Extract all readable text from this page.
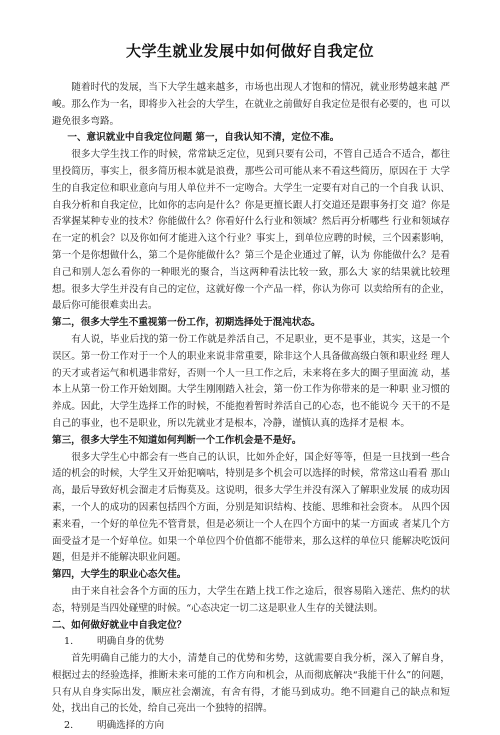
大学生就业发展中如何做好自我定位

随着时代的发展，当下大学生越来越多，市场也出现人才饱和的情况，就业形势越来越 严峻。那么作为一名，即将步入社会的大学生，在就业之前做好自我定位是很有必要的，也 可以避免很多弯路。

一、意识就业中自我定位问题 第一，自我认知不清，定位不准。

很多大学生找工作的时候，常常缺乏定位，见到只要有公司，不管自己适合不适合，都往里投简历，事实上，很多简历根本就是浪费，那些公司可能从来不看这些简历，原因在于 大学生的自我定位和职业意向与用人单位并不一定吻合。大学生一定要有对自己的一个自我 认识、自我分析和自我定位，比如你的志向是什么？你是更擅长跟人打交道还是跟事务打交 道？你是否掌握某种专业的技术？你能做什么？你看好什么行业和领域？然后再分析哪些 行业和领域存在一定的机会？以及你如何才能进入这个行业？事实上，到单位应聘的时候，三个因素影响，第一个是你想做什么，第二个是你能做什么？第三个是企业通过了解，认为 你能做什么？是看自己和别人怎么看你的一种眼光的聚合，当这两种看法比较一致，那么大 家的结果就比较理想。很多大学生并没有自己的定位，这就好像一个产品一样，你认为你可 以卖给所有的企业，最后你可能很难卖出去。

第二，很多大学生不重视第一份工作，初期选择处于混沌状态。

有人说，毕业后找的第一份工作就是养活自己，不足职业，更不是事业，其实，这是一个误区。第一份工作对于一个人的职业来说非常重要，除非这个人具备做高级白领和职业经 理人的天才或者运气和机遇非常好，否则一个人一旦工作之后，未来将在多大的圈子里面流 动，基本上从第一份工作开始划圈。大学生刚刚踏入社会，第一份工作为你带来的是一种职 业习惯的养成。因此，大学生选择工作的时候，不能抱着暂时养活自己的心态，也不能说今 天干的不是自己的事业，也不是职业，所以先就业才是根本，冷静，谨慎认真的选择才是根 本。

第三，很多大学生不知道如何判断一个工作机会是不是好。

很多大学生心中都会有一些自己的认识，比如外企好，国企好等等，但是一旦找到一些合适的机会的时候，大学生又开始犯嘀咕，特别是多个机会可以选择的时候，常常这山看看 那山高，最后导致好机会溜走才后悔莫及。这说明，很多大学生并没有深入了解职业发展 的成功因素，一个人的成功的因素包括四个方面，分别是知识结构、技能、思维和社会资本。 从四个因素来看，一个好的单位先不管背景，但是必须让一个人在四个方面中的某一方面或 者某几个方面受益才是一个好单位。如果一个单位四个价值都不能带来，那么这样的单位只 能解决吃饭问题，但是并不能解决职业问题。

第四，大学生的职业心态欠佳。

由于来自社会各个方面的压力，大学生在踏上找工作之途后，很容易陷入迷茫、焦灼的状态，特别是当四处碰壁的时候。“心态决定一切二这是职业人生存的关键法则。

二、如何做好就业中自我定位？

1. 明确自身的优势

首先明确自己能力的大小，清楚自己的优势和劣势，这就需要自我分析，深入了解自身，根据过去的经验选择，推断未来可能的工作方向和机会，从而彻底解决“我能干什么”的问题，只有从自身实际出发，顺应社会潮流，有舍有得，才能马到成功。绝不回避自己的缺点和短处，找出自己的长处，给自己亮出一个独特的招牌。

2. 明确选择的方向
